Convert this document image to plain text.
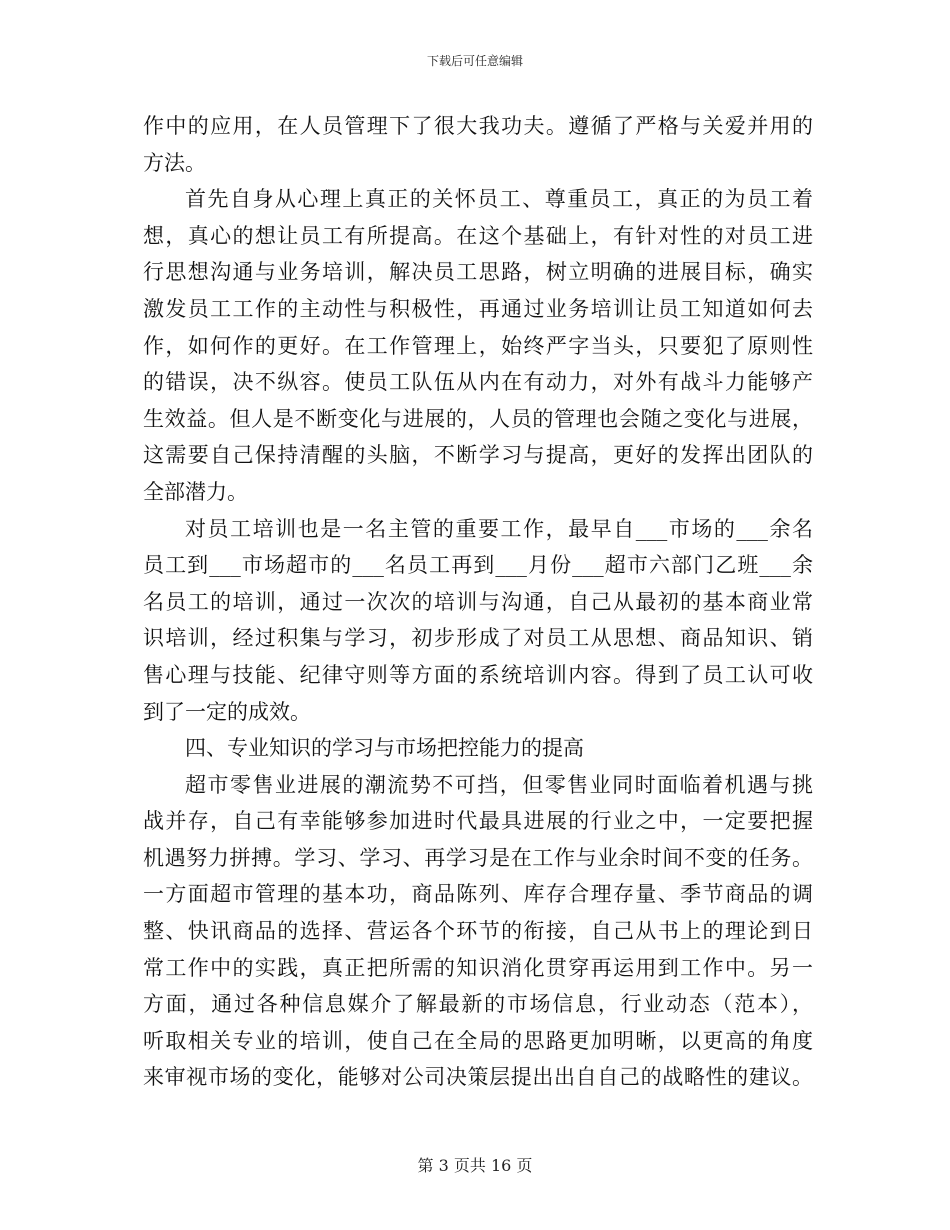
下载后可任意编辑
作中的应用，在人员管理下了很大我功夫。遵循了严格与关爱并用的
方法。
首先自身从心理上真正的关怀员工、尊重员工，真正的为员工着
想，真心的想让员工有所提高。在这个基础上，有针对性的对员工进
行思想沟通与业务培训，解决员工思路，树立明确的进展目标，确实
激发员工工作的主动性与积极性，再通过业务培训让员工知道如何去
作，如何作的更好。在工作管理上，始终严字当头，只要犯了原则性
的错误，决不纵容。使员工队伍从内在有动力，对外有战斗力能够产
生效益。但人是不断变化与进展的，人员的管理也会随之变化与进展，
这需要自己保持清醒的头脑，不断学习与提高，更好的发挥出团队的
全部潜力。
对员工培训也是一名主管的重要工作，最早自___市场的___余名
员工到___市场超市的___名员工再到___月份___超市六部门乙班___余
名员工的培训，通过一次次的培训与沟通，自己从最初的基本商业常
识培训，经过积集与学习，初步形成了对员工从思想、商品知识、销
售心理与技能、纪律守则等方面的系统培训内容。得到了员工认可收
到了一定的成效。
四、专业知识的学习与市场把控能力的提高
超市零售业进展的潮流势不可挡，但零售业同时面临着机遇与挑
战并存，自己有幸能够参加进时代最具进展的行业之中，一定要把握
机遇努力拼搏。学习、学习、再学习是在工作与业余时间不变的任务。
一方面超市管理的基本功，商品陈列、库存合理存量、季节商品的调
整、快讯商品的选择、营运各个环节的衔接，自己从书上的理论到日
常工作中的实践，真正把所需的知识消化贯穿再运用到工作中。另一
方面，通过各种信息媒介了解最新的市场信息，行业动态（范本），
听取相关专业的培训，使自己在全局的思路更加明晰，以更高的角度
来审视市场的变化，能够对公司决策层提出出自自己的战略性的建议。
第 3 页共 16 页
